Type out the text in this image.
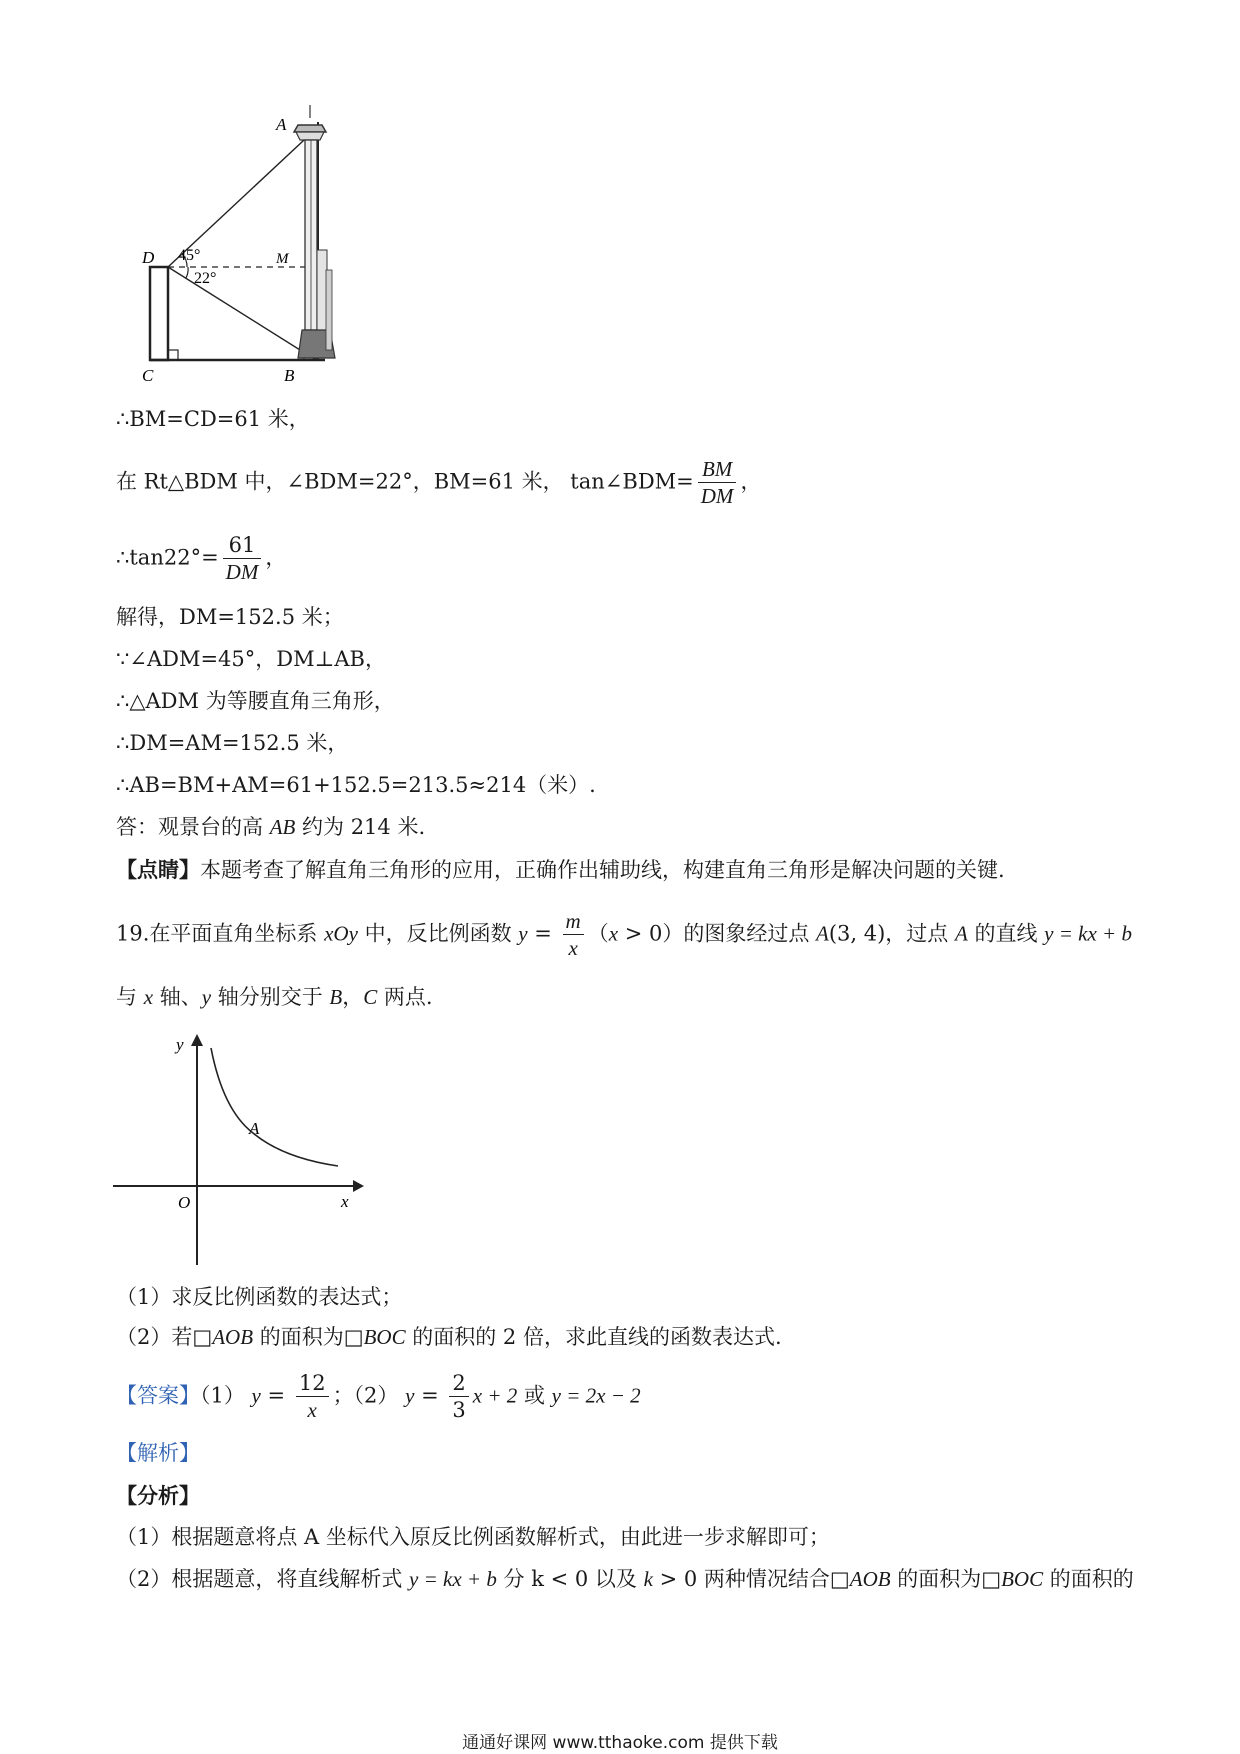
A
D	M
45°
22°
C	B
∴BM=CD=61 米，
在 Rt△BDM 中，∠BDM=22°，BM=61 米， tan∠BDM= $\frac{BM}{DM}$ ，
∴tan22°= $\frac{61}{DM}$ ，
解得，DM=152.5 米；
∵∠ADM=45°，DM⊥AB，
∴△ADM 为等腰直角三角形，
∴DM=AM=152.5 米，
∴AB=BM+AM=61+152.5=213.5≈214（米）.
答：观景台的高 AB 约为 214 米.
【点睛】本题考查了解直角三角形的应用，正确作出辅助线，构建直角三角形是解决问题的关键.
19.在平面直角坐标系 xOy 中，反比例函数 $y = \frac{m}{x} (x > 0)$的图象经过点 A(3, 4)，过点 A 的直线 y = kx + b
与 x 轴、y 轴分别交于 B，C 两点.
y
A
O	x
（1）求反比例函数的表达式；
（2）若□AOB 的面积为□BOC 的面积的 2 倍，求此直线的函数表达式.
【答案】（1） $y = \frac{12}{x}$ ；（2） $y = \frac{2}{3}$ x + 2 或 y = 2x − 2
【解析】
【分析】
（1）根据题意将点 A 坐标代入原反比例函数解析式，由此进一步求解即可；
（2）根据题意，将直线解析式 y = kx + b 分 k < 0 以及 k > 0 两种情况结合□AOB 的面积为□BOC 的面积的
通通好课网 www.tthaoke.com 提供下载
